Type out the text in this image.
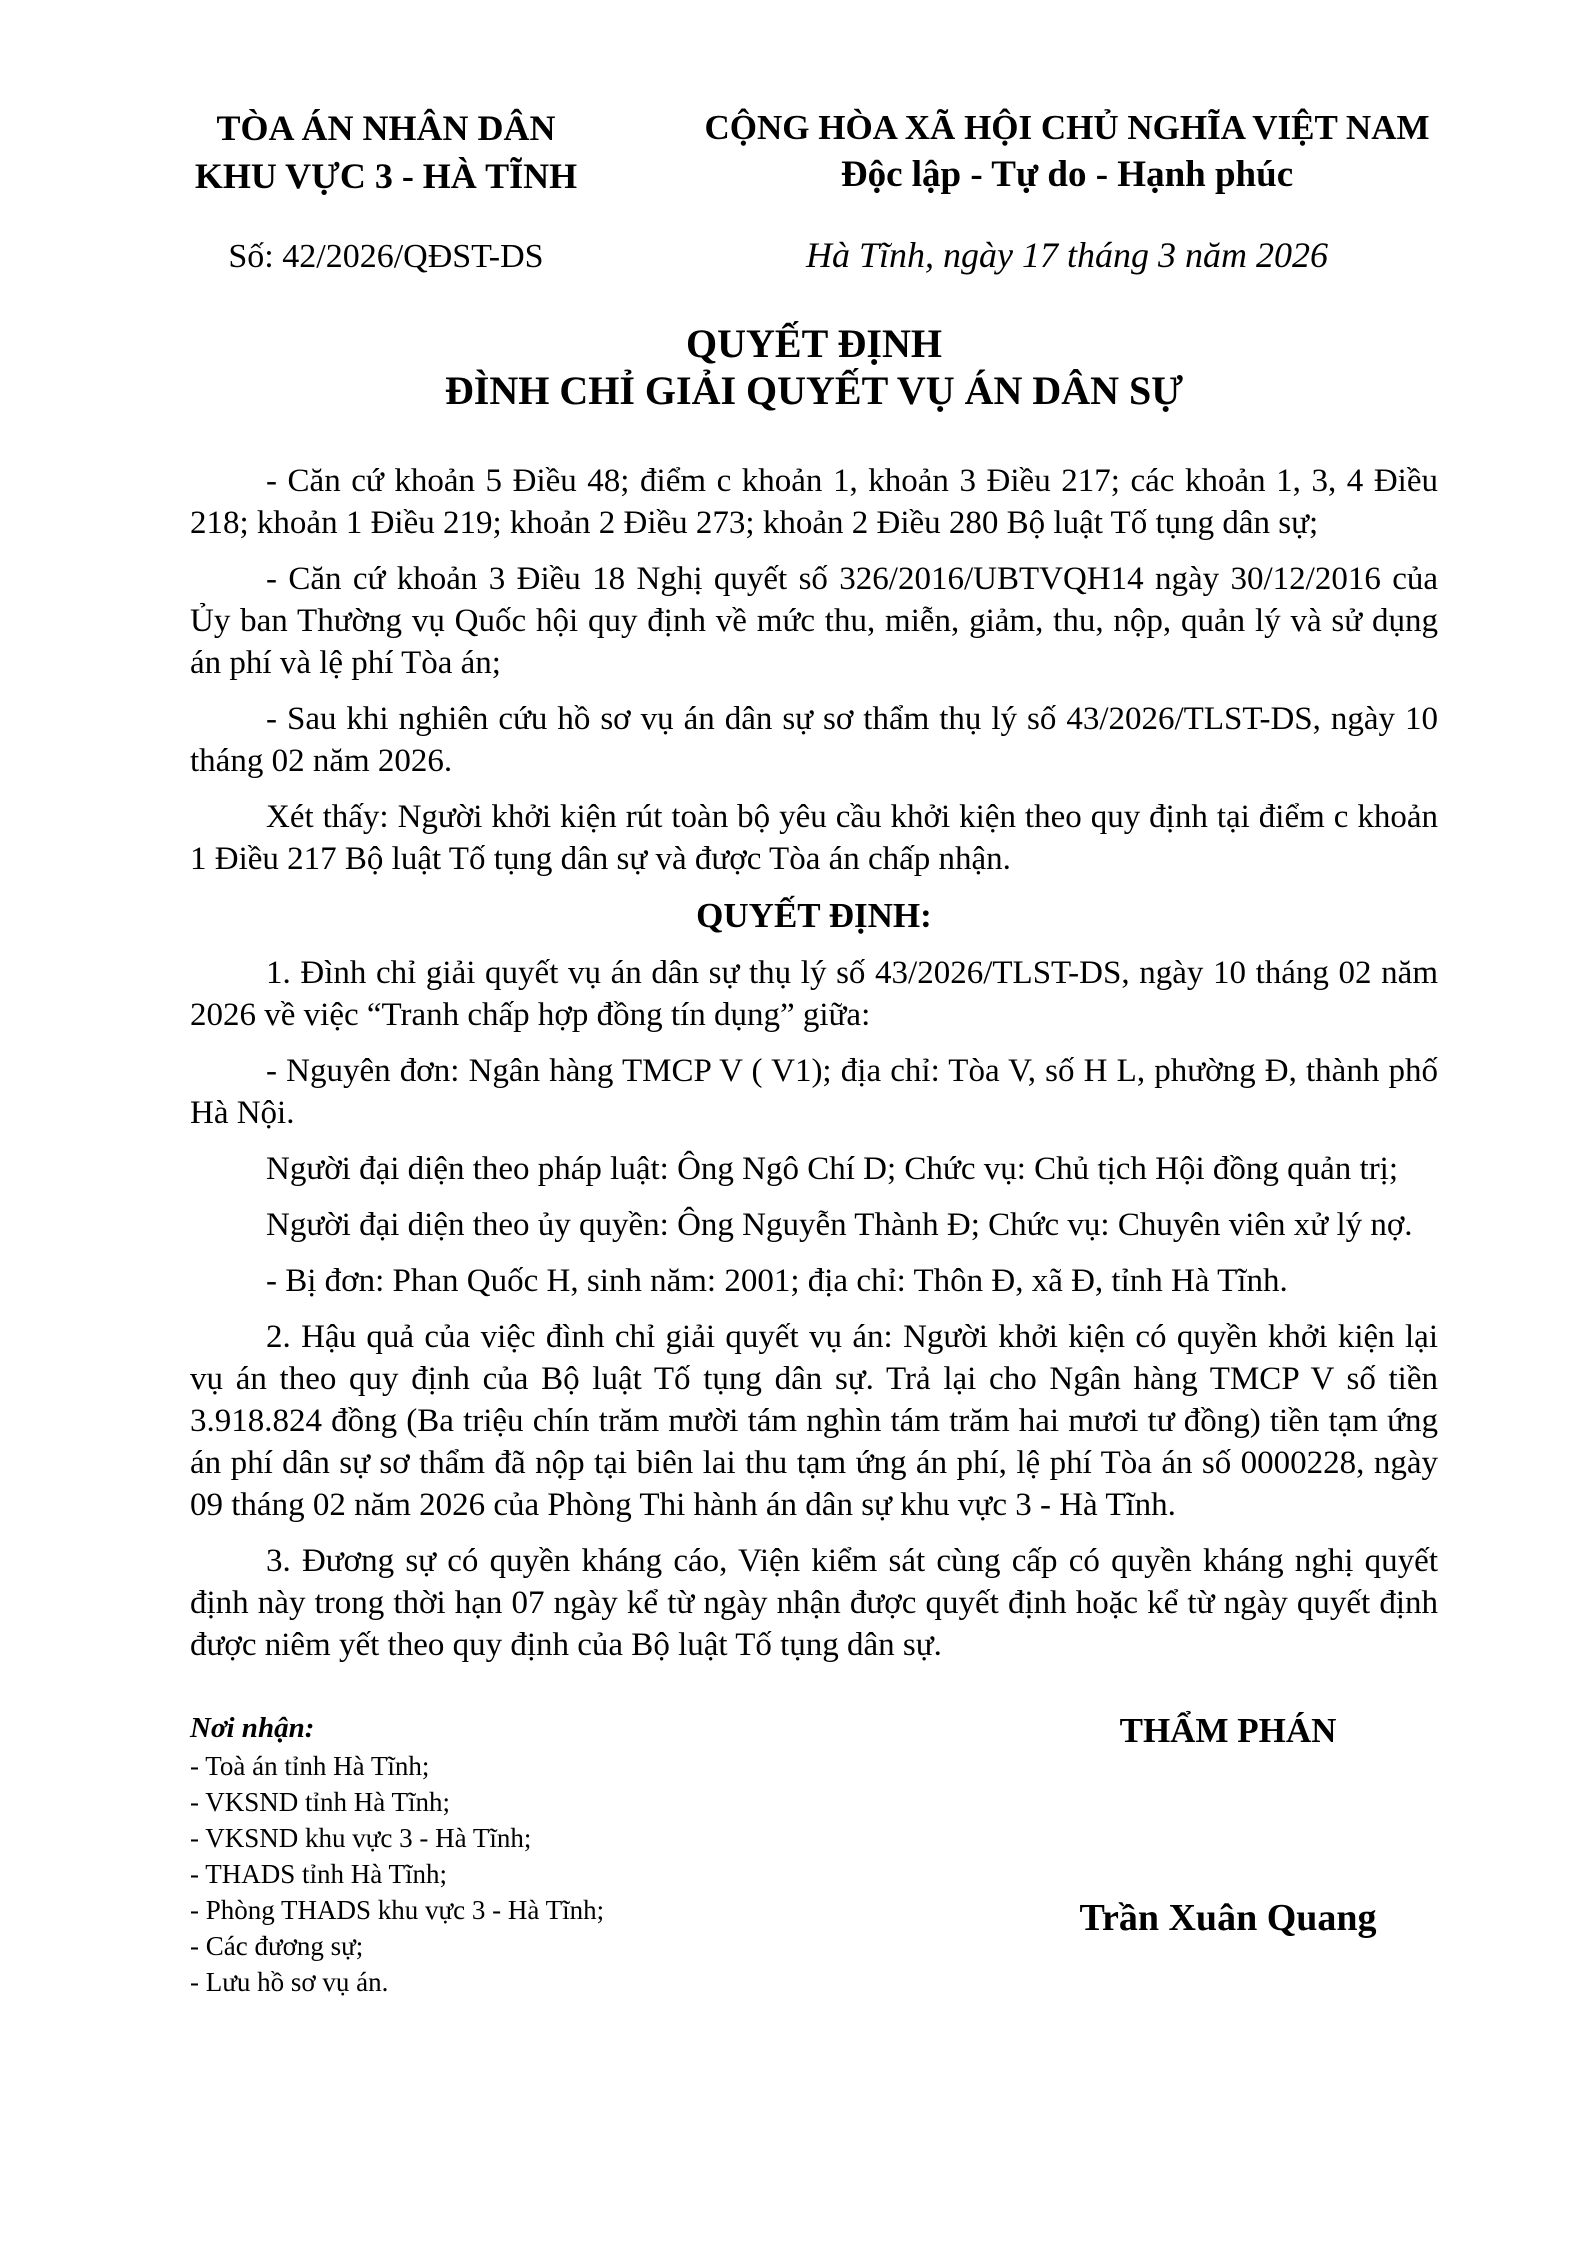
TÒA ÁN NHÂN DÂN
KHU VỰC 3 - HÀ TĨNH
Số: 42/2026/QĐST-DS
CỘNG HÒA XÃ HỘI CHỦ NGHĨA VIỆT NAM
Độc lập - Tự do - Hạnh phúc
Hà Tĩnh, ngày 17 tháng 3 năm 2026
QUYẾT ĐỊNH
ĐÌNH CHỈ GIẢI QUYẾT VỤ ÁN DÂN SỰ

- Căn cứ khoản 5 Điều 48; điểm c khoản 1, khoản 3 Điều 217; các khoản 1, 3, 4 Điều 218; khoản 1 Điều 219; khoản 2 Điều 273; khoản 2 Điều 280 Bộ luật Tố tụng dân sự;

- Căn cứ khoản 3 Điều 18 Nghị quyết số 326/2016/UBTVQH14 ngày 30/12/2016 của Ủy ban Thường vụ Quốc hội quy định về mức thu, miễn, giảm, thu, nộp, quản lý và sử dụng án phí và lệ phí Tòa án;

- Sau khi nghiên cứu hồ sơ vụ án dân sự sơ thẩm thụ lý số 43/2026/TLST-DS, ngày 10 tháng 02 năm 2026.

Xét thấy: Người khởi kiện rút toàn bộ yêu cầu khởi kiện theo quy định tại điểm c khoản 1 Điều 217 Bộ luật Tố tụng dân sự và được Tòa án chấp nhận.

QUYẾT ĐỊNH:

1. Đình chỉ giải quyết vụ án dân sự thụ lý số 43/2026/TLST-DS, ngày 10 tháng 02 năm 2026 về việc “Tranh chấp hợp đồng tín dụng” giữa:

- Nguyên đơn: Ngân hàng TMCP V ( V1); địa chỉ: Tòa V, số H L, phường Đ, thành phố Hà Nội.

Người đại diện theo pháp luật: Ông Ngô Chí D; Chức vụ: Chủ tịch Hội đồng quản trị;

Người đại diện theo ủy quyền: Ông Nguyễn Thành Đ; Chức vụ: Chuyên viên xử lý nợ.

- Bị đơn: Phan Quốc H, sinh năm: 2001; địa chỉ: Thôn Đ, xã Đ, tỉnh Hà Tĩnh.

2. Hậu quả của việc đình chỉ giải quyết vụ án: Người khởi kiện có quyền khởi kiện lại vụ án theo quy định của Bộ luật Tố tụng dân sự. Trả lại cho Ngân hàng TMCP V số tiền 3.918.824 đồng (Ba triệu chín trăm mười tám nghìn tám trăm hai mươi tư đồng) tiền tạm ứng án phí dân sự sơ thẩm đã nộp tại biên lai thu tạm ứng án phí, lệ phí Tòa án số 0000228, ngày 09 tháng 02 năm 2026 của Phòng Thi hành án dân sự khu vực 3 - Hà Tĩnh.

3. Đương sự có quyền kháng cáo, Viện kiểm sát cùng cấp có quyền kháng nghị quyết định này trong thời hạn 07 ngày kể từ ngày nhận được quyết định hoặc kể từ ngày quyết định được niêm yết theo quy định của Bộ luật Tố tụng dân sự.

Nơi nhận:
- Toà án tỉnh Hà Tĩnh;
- VKSND tỉnh Hà Tĩnh;
- VKSND khu vực 3 - Hà Tĩnh;
- THADS tỉnh Hà Tĩnh;
- Phòng THADS khu vực 3 - Hà Tĩnh;
- Các đương sự;
- Lưu hồ sơ vụ án.
THẨM PHÁN
Trần Xuân Quang
